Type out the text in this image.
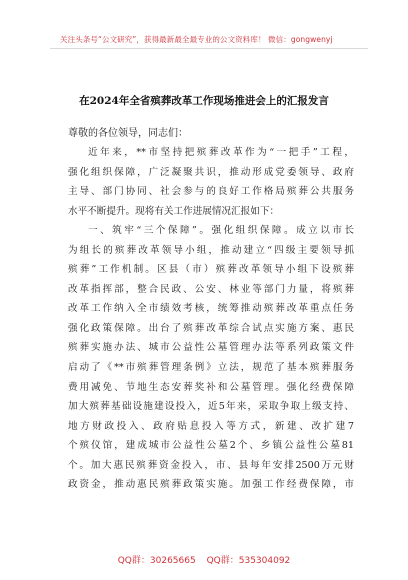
关注头条号“公文研究”，获得最新最全最专业的公文资料库！ 微信：gongwenyj
在2024年全省殡葬改革工作现场推进会上的汇报发言
尊敬的各位领导，同志们：

近年来，**市坚持把殡葬改革作为“一把手”工程，

强化组织保障，广泛凝聚共识，推动形成党委领导、政府

主导、部门协同、社会参与的良好工作格局殡葬公共服务

水平不断提升。现将有关工作进展情况汇报如下：

一、筑牢“三个保障”。强化组织保障。成立以市长

为组长的殡葬改革领导小组，推动建立“四级主要领导抓

殡葬”工作机制。区县（市）殡葬改革领导小组下设殡葬

改革指挥部，整合民政、公安、林业等部门力量，将殡葬

改革工作纳入全市绩效考核，统筹推动殡葬改革重点任务

强化政策保障。出台了殡葬改革综合试点实施方案、惠民

殡葬实施办法、城市公益性公墓管理办法等系列政策文件

启动了《**市殡葬管理条例》立法，规范了基本殡葬服务

费用减免、节地生态安葬奖补和公墓管理。强化经费保障

加大殡葬基础设施建设投入，近5年来，采取争取上级支持、

地方财政投入、政府贴息投入等方式，新建、改扩建7

个殡仪馆，建成城市公益性公墓2个、乡镇公益性公墓81

个。加大惠民殡葬资金投入，市、县每年安排2500万元财

政资金，推动惠民殡葬政策实施。加强工作经费保障，市

QQ群：30265665 QQ群：535304092
